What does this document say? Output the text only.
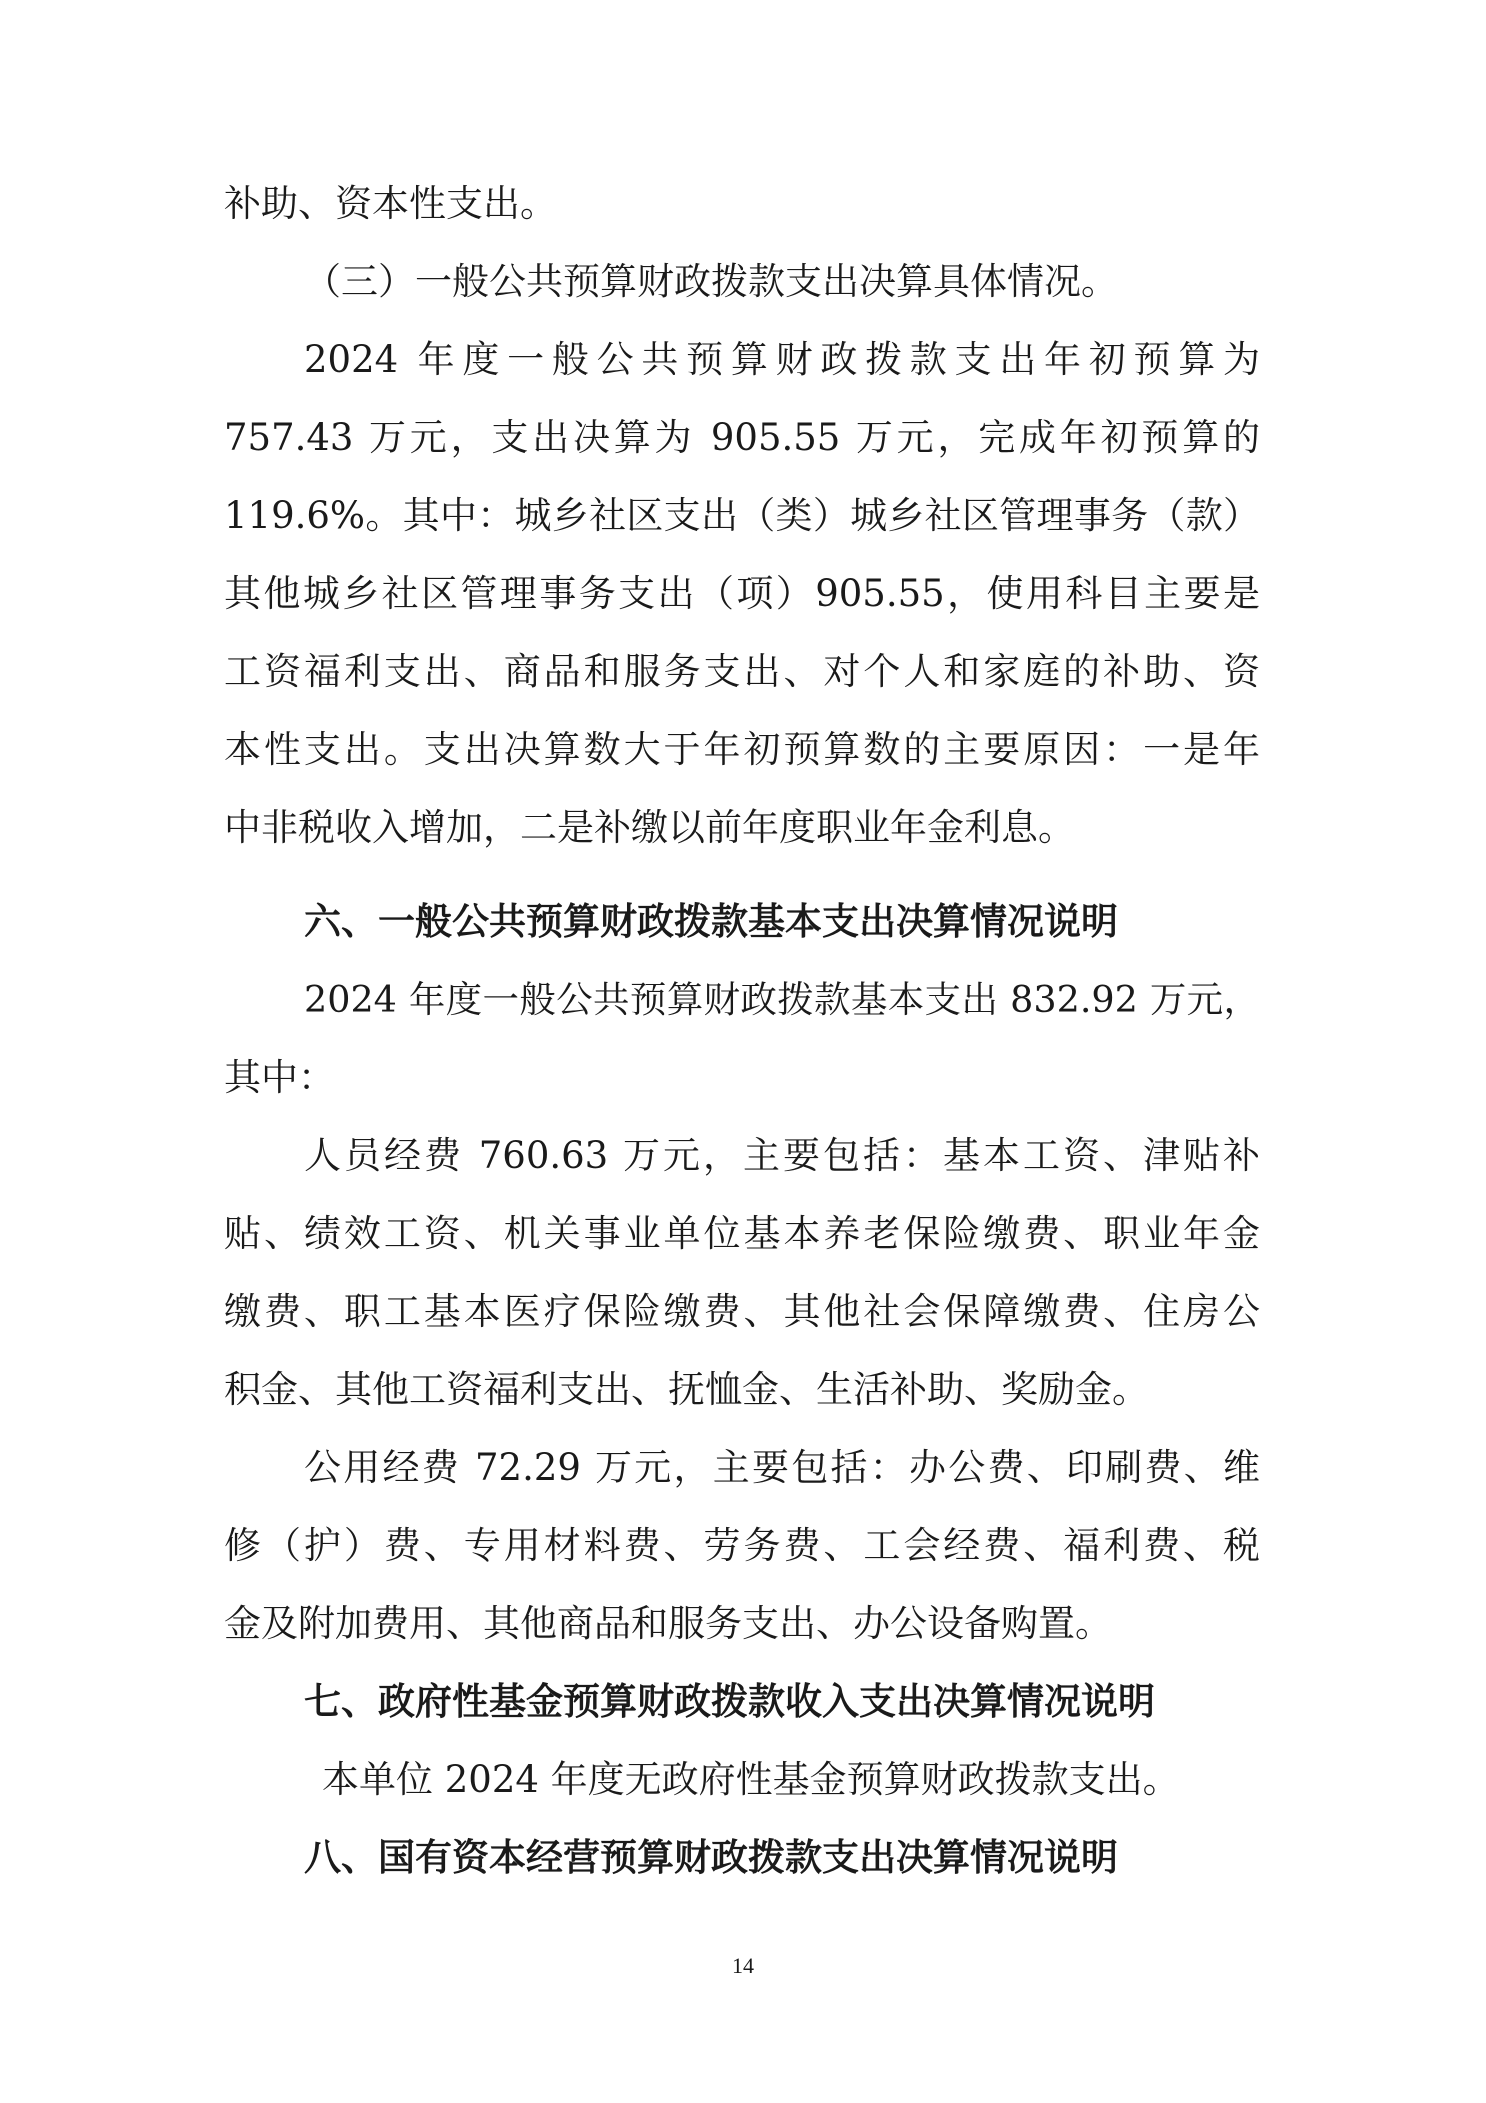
补助、资本性支出。
（三）一般公共预算财政拨款支出决算具体情况。
2024 年度一般公共预算财政拨款支出年初预算为
757.43 万元，支出决算为 905.55 万元，完成年初预算的
119.6%。其中：城乡社区支出（类）城乡社区管理事务（款）
其他城乡社区管理事务支出（项）905.55，使用科目主要是
工资福利支出、商品和服务支出、对个人和家庭的补助、资
本性支出。支出决算数大于年初预算数的主要原因：一是年
中非税收入增加，二是补缴以前年度职业年金利息。
六、一般公共预算财政拨款基本支出决算情况说明
2024 年度一般公共预算财政拨款基本支出 832.92 万元，
其中：
人员经费 760.63 万元，主要包括：基本工资、津贴补
贴、绩效工资、机关事业单位基本养老保险缴费、职业年金
缴费、职工基本医疗保险缴费、其他社会保障缴费、住房公
积金、其他工资福利支出、抚恤金、生活补助、奖励金。
公用经费 72.29 万元，主要包括：办公费、印刷费、维
修（护）费、专用材料费、劳务费、工会经费、福利费、税
金及附加费用、其他商品和服务支出、办公设备购置。
七、政府性基金预算财政拨款收入支出决算情况说明
本单位 2024 年度无政府性基金预算财政拨款支出。
八、国有资本经营预算财政拨款支出决算情况说明
14
